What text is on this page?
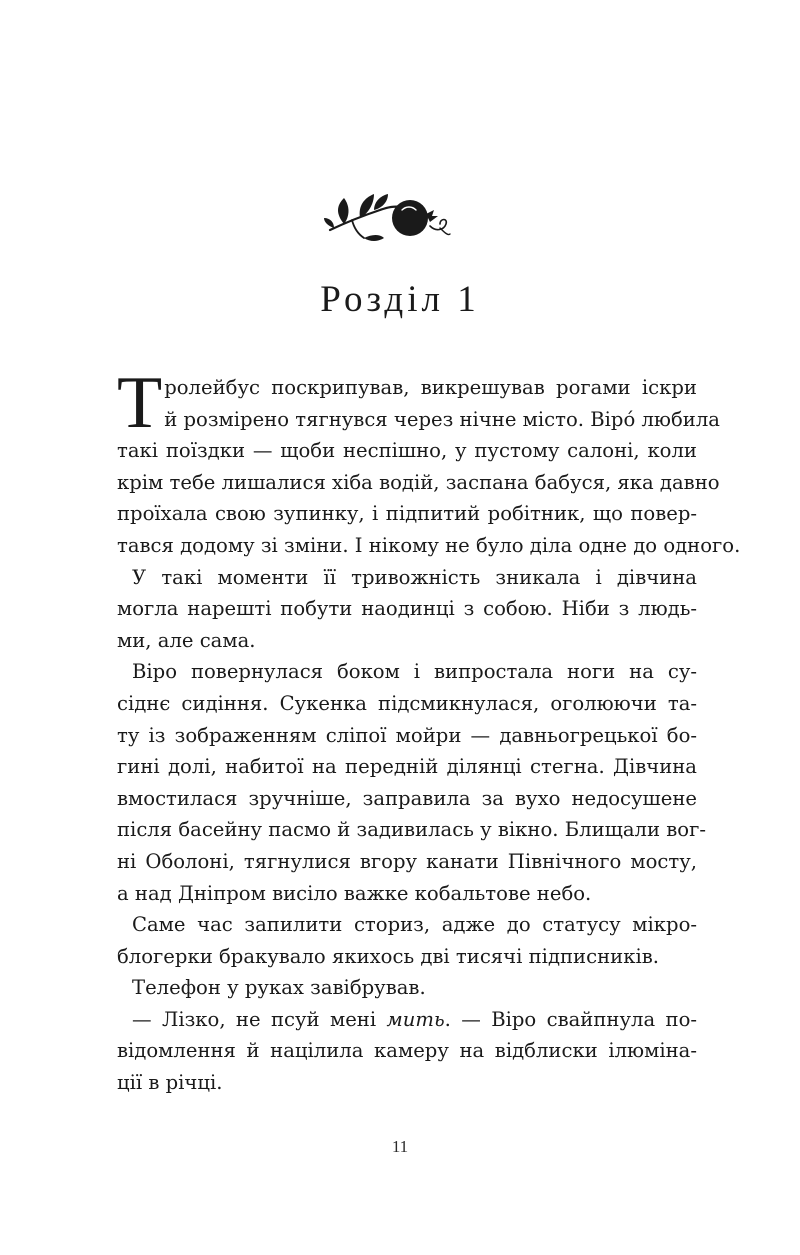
Розділ 1
Т ролейбус поскрипував, викрешував рогами іскри
й розмірено тягнувся через нічне місто. Віро́ любила
такі поїздки — щоби неспішно, у пустому салоні, коли
крім тебе лишалися хіба водій, заспана бабуся, яка давно
проїхала свою зупинку, і підпитий робітник, що повер-
тався додому зі зміни. І нікому не було діла одне до одного.
У такі моменти її тривожність зникала і дівчина
могла нарешті побути наодинці з собою. Ніби з людь-
ми, але сама.
Віро повернулася боком і випростала ноги на су-
сіднє сидіння. Сукенка підсмикнулася, оголюючи та-
ту із зображенням сліпої мойри — давньогрецької бо-
гині долі, набитої на передній ділянці стегна. Дівчина
вмостилася зручніше, заправила за вухо недосушене
після басейну пасмо й задивилась у вікно. Блищали вог-
ні Оболоні, тягнулися вгору канати Північного мосту,
а над Дніпром висіло важке кобальтове небо.
Саме час запилити сториз, адже до статусу мікро-
блогерки бракувало якихось дві тисячі підписників.
Телефон у руках завібрував.
— Лізко, не псуй мені мить. — Віро свайпнула по-
відомлення й націлила камеру на відблиски ілюміна-
ції в річці.
11
